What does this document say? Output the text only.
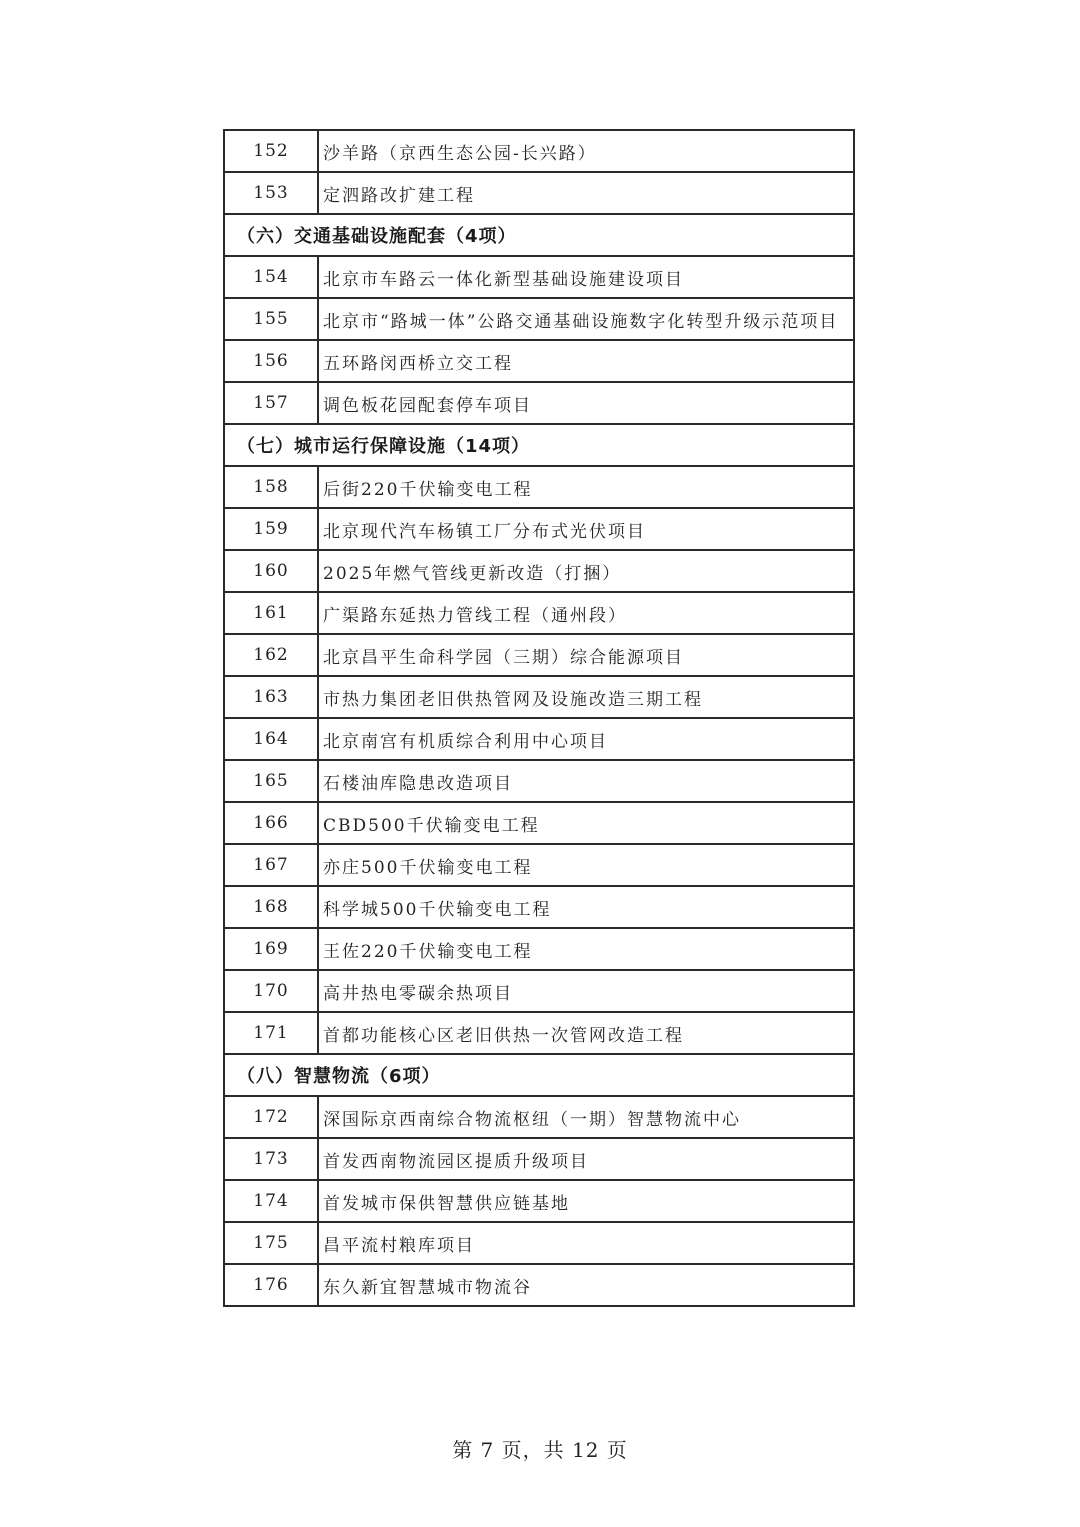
152	沙羊路（京西生态公园-长兴路）
153	定泗路改扩建工程
（六）交通基础设施配套（4项）	
154	北京市车路云一体化新型基础设施建设项目
155	北京市“路城一体”公路交通基础设施数字化转型升级示范项目
156	五环路闵西桥立交工程
157	调色板花园配套停车项目
（七）城市运行保障设施（14项）	
158	后街220千伏输变电工程
159	北京现代汽车杨镇工厂分布式光伏项目
160	2025年燃气管线更新改造（打捆）
161	广渠路东延热力管线工程（通州段）
162	北京昌平生命科学园（三期）综合能源项目
163	市热力集团老旧供热管网及设施改造三期工程
164	北京南宫有机质综合利用中心项目
165	石楼油库隐患改造项目
166	CBD500千伏输变电工程
167	亦庄500千伏输变电工程
168	科学城500千伏输变电工程
169	王佐220千伏输变电工程
170	高井热电零碳余热项目
171	首都功能核心区老旧供热一次管网改造工程
（八）智慧物流（6项）	
172	深国际京西南综合物流枢纽（一期）智慧物流中心
173	首发西南物流园区提质升级项目
174	首发城市保供智慧供应链基地
175	昌平流村粮库项目
176	东久新宜智慧城市物流谷
第 7 页，共 12 页
